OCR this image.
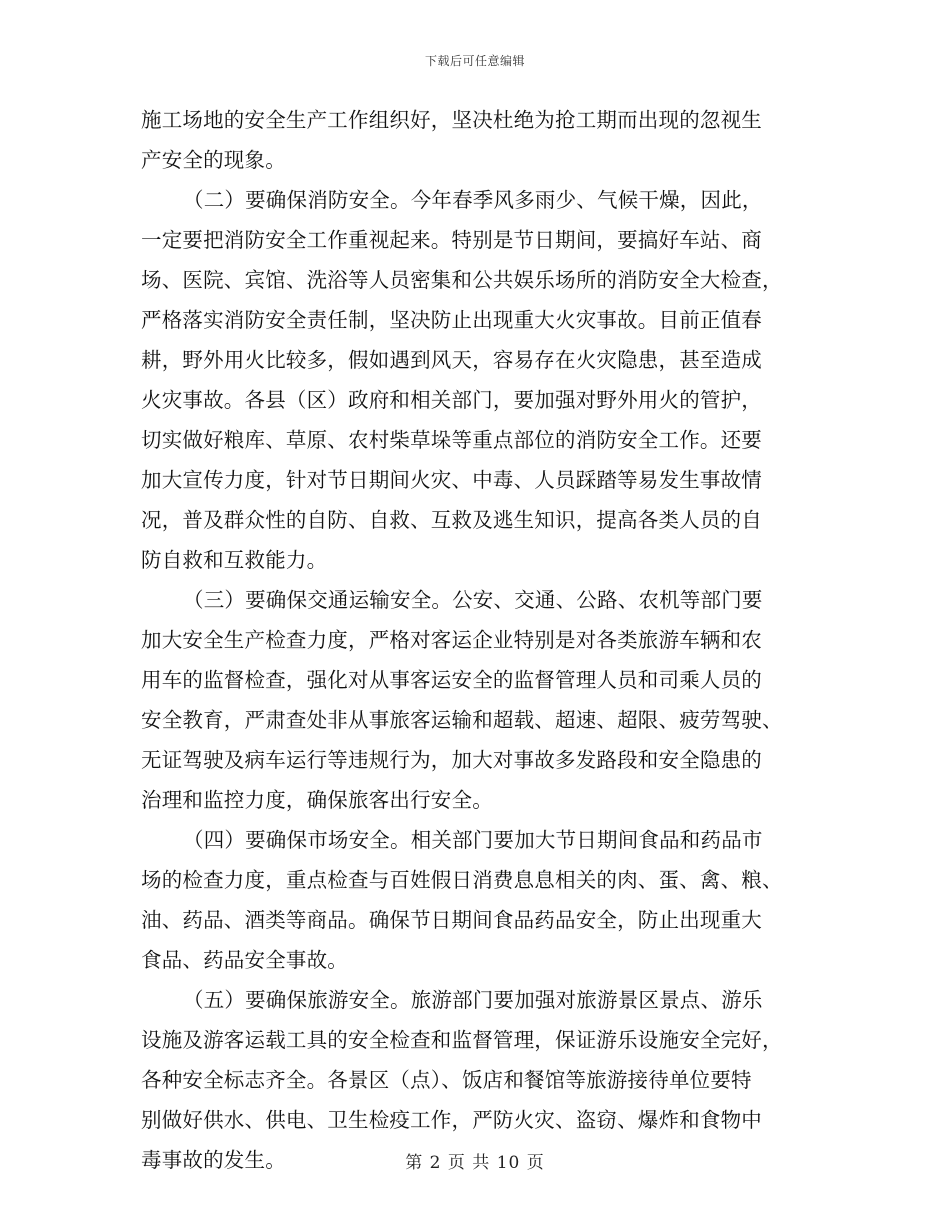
下载后可任意编辑
施工场地的安全生产工作组织好，坚决杜绝为抢工期而出现的忽视生
产安全的现象。
（二）要确保消防安全。今年春季风多雨少、气候干燥，因此，
一定要把消防安全工作重视起来。特别是节日期间，要搞好车站、商
场、医院、宾馆、洗浴等人员密集和公共娱乐场所的消防安全大检查，
严格落实消防安全责任制，坚决防止出现重大火灾事故。目前正值春
耕，野外用火比较多，假如遇到风天，容易存在火灾隐患，甚至造成
火灾事故。各县（区）政府和相关部门，要加强对野外用火的管护，
切实做好粮库、草原、农村柴草垛等重点部位的消防安全工作。还要
加大宣传力度，针对节日期间火灾、中毒、人员踩踏等易发生事故情
况，普及群众性的自防、自救、互救及逃生知识，提高各类人员的自
防自救和互救能力。
（三）要确保交通运输安全。公安、交通、公路、农机等部门要
加大安全生产检查力度，严格对客运企业特别是对各类旅游车辆和农
用车的监督检查，强化对从事客运安全的监督管理人员和司乘人员的
安全教育，严肃查处非从事旅客运输和超载、超速、超限、疲劳驾驶、
无证驾驶及病车运行等违规行为，加大对事故多发路段和安全隐患的
治理和监控力度，确保旅客出行安全。
（四）要确保市场安全。相关部门要加大节日期间食品和药品市
场的检查力度，重点检查与百姓假日消费息息相关的肉、蛋、禽、粮、
油、药品、酒类等商品。确保节日期间食品药品安全，防止出现重大
食品、药品安全事故。
（五）要确保旅游安全。旅游部门要加强对旅游景区景点、游乐
设施及游客运载工具的安全检查和监督管理，保证游乐设施安全完好，
各种安全标志齐全。各景区（点）、饭店和餐馆等旅游接待单位要特
别做好供水、供电、卫生检疫工作，严防火灾、盗窃、爆炸和食物中
毒事故的发生。	第 2 页 共 10 页
